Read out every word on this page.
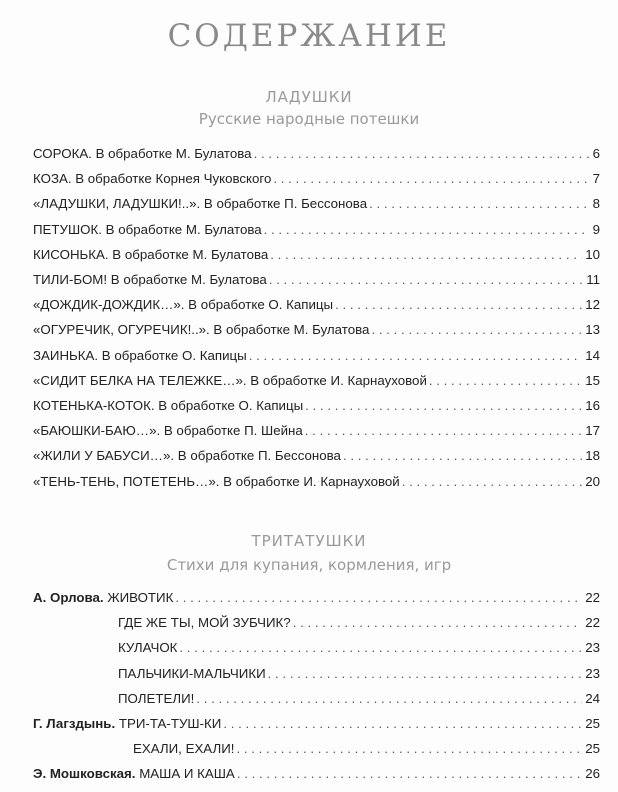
СОДЕРЖАНИЕ
ЛАДУШКИ
Русские народные потешки
СОРОКА. В обработке М. Булатова . . .	6
КОЗА. В обработке Корнея Чуковского . . .	7
«ЛАДУШКИ, ЛАДУШКИ!..». В обработке П. Бессонова . . .	8
ПЕТУШОК. В обработке М. Булатова . . .	9
КИСОНЬКА. В обработке М. Булатова . . .	10
ТИЛИ-БОМ! В обработке М. Булатова . . .	11
«ДОЖДИК-ДОЖДИК…». В обработке О. Капицы . . .	12
«ОГУРЕЧИК, ОГУРЕЧИК!..». В обработке М. Булатова . . .	13
ЗАИНЬКА. В обработке О. Капицы . . .	14
«СИДИТ БЕЛКА НА ТЕЛЕЖКЕ…». В обработке И. Карнауховой . . .	15
КОТЕНЬКА-КОТОК. В обработке О. Капицы . . .	16
«БАЮШКИ-БАЮ…». В обработке П. Шейна . . .	17
«ЖИЛИ У БАБУСИ…». В обработке П. Бессонова . . .	18
«ТЕНЬ-ТЕНЬ, ПОТЕТЕНЬ…». В обработке И. Карнауховой . . .	20
ТРИТАТУШКИ
Стихи для купания, кормления, игр
А. Орлова.
ЖИВОТИК . . .	22
ГДЕ ЖЕ ТЫ, МОЙ ЗУБЧИК? . . .	22
КУЛАЧОК . . .	23
ПАЛЬЧИКИ-МАЛЬЧИКИ . . .	23
ПОЛЕТЕЛИ! . . .	24
Г. Лагздынь.
ТРИ-ТА-ТУШ-КИ . . .	25
ЕХАЛИ, ЕХАЛИ! . . .	25
Э. Мошковская.
МАША И КАША . . .	26
